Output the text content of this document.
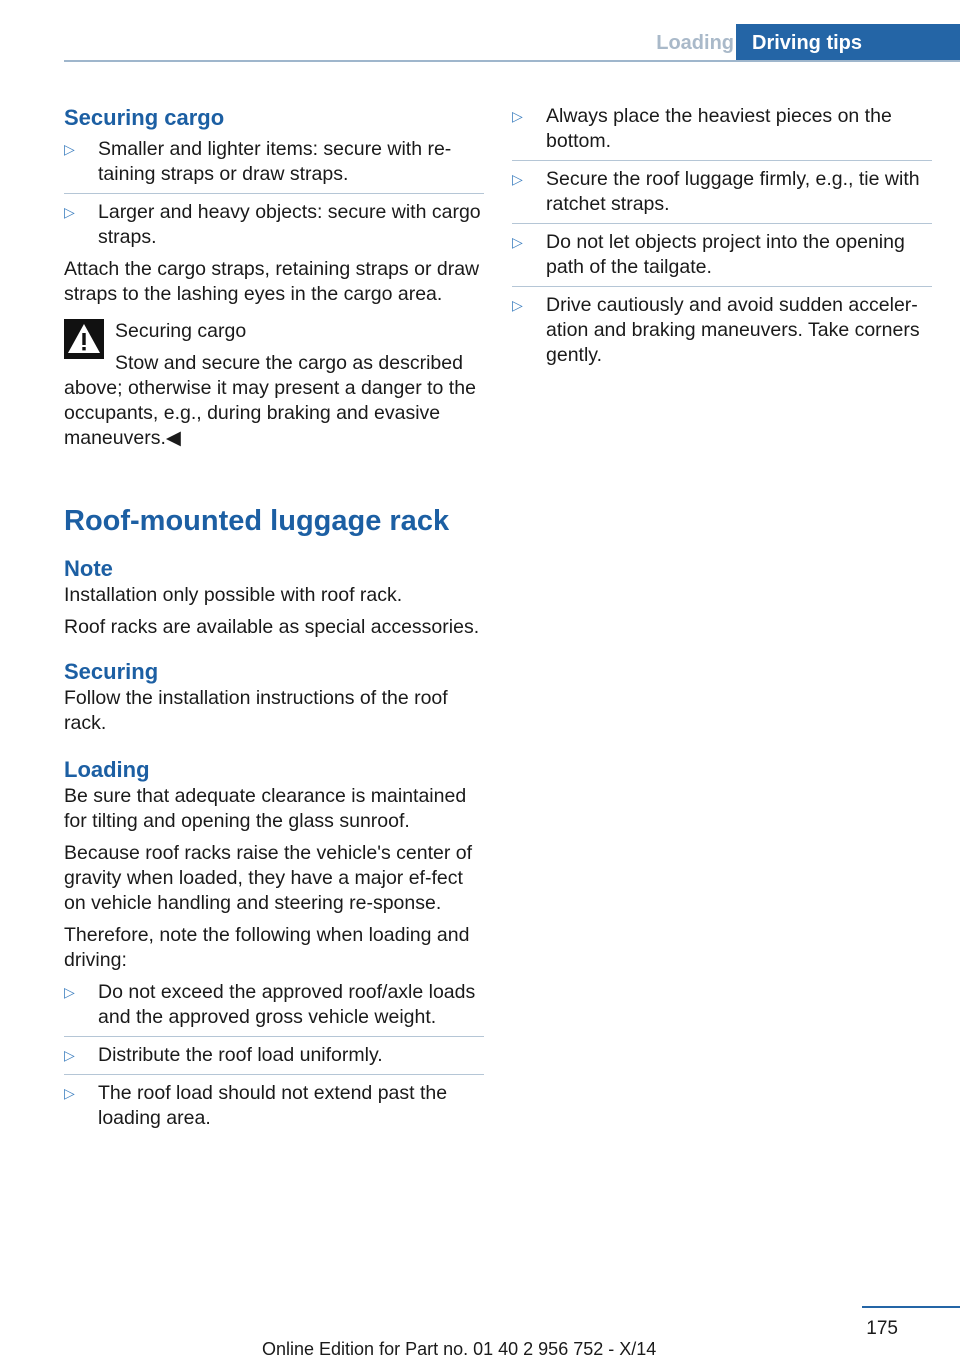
Loading Driving tips
Securing cargo
▷	Smaller and lighter items: secure with re‐taining straps or draw straps.

▷	Larger and heavy objects: secure with cargo straps.

Attach the cargo straps, retaining straps or draw straps to the lashing eyes in the cargo area.

Securing cargo

Stow and secure the cargo as described above; otherwise it may present a danger to the occupants, e.g., during braking and evasive maneuvers.◀

Roof-mounted luggage rack
Note

Installation only possible with roof rack.

Roof racks are available as special accessories.

Securing

Follow the installation instructions of the roof rack.

Loading

Be sure that adequate clearance is maintained for tilting and opening the glass sunroof.

Because roof racks raise the vehicle's center of gravity when loaded, they have a major ef‐fect on vehicle handling and steering re‐sponse.

Therefore, note the following when loading and driving:

▷	Do not exceed the approved roof/axle loads and the approved gross vehicle weight.

▷	Distribute the roof load uniformly.

▷	The roof load should not extend past the loading area.

▷	Always place the heaviest pieces on the bottom.

▷	Secure the roof luggage firmly, e.g., tie with ratchet straps.

▷	Do not let objects project into the opening path of the tailgate.

▷	Drive cautiously and avoid sudden acceler‐ation and braking maneuvers. Take corners gently.

175
Online Edition for Part no. 01 40 2 956 752 - X/14
